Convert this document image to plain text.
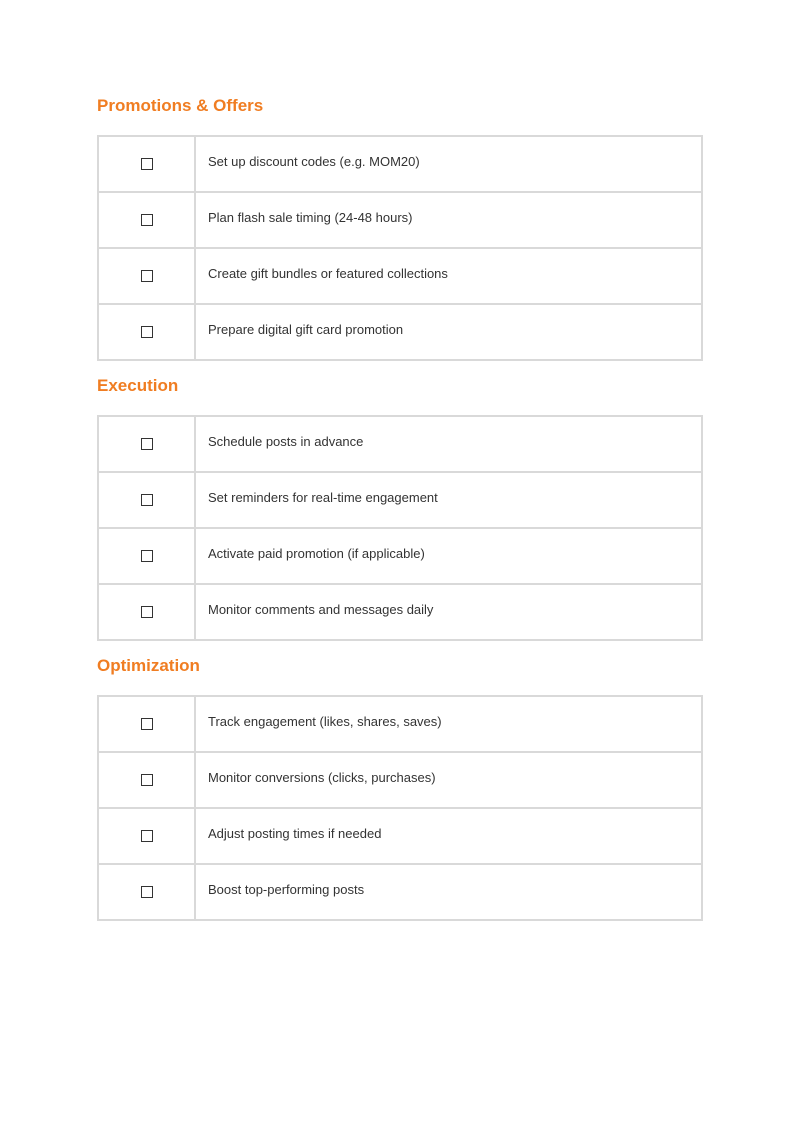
Promotions & Offers
	Set up discount codes (e.g. MOM20)
	Plan flash sale timing (24-48 hours)
	Create gift bundles or featured collections
	Prepare digital gift card promotion
Execution
	Schedule posts in advance
	Set reminders for real-time engagement
	Activate paid promotion (if applicable)
	Monitor comments and messages daily
Optimization
	Track engagement (likes, shares, saves)
	Monitor conversions (clicks, purchases)
	Adjust posting times if needed
	Boost top-performing posts
